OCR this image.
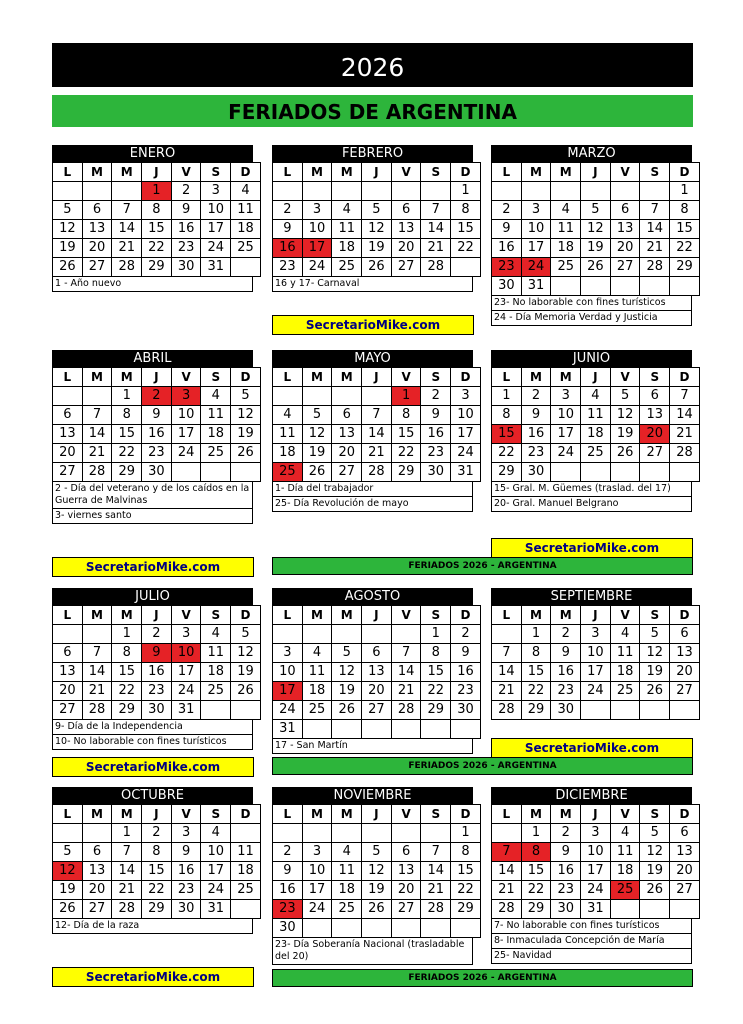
2026
FERIADOS DE ARGENTINA
ENERO
L	M	M	J	V	S	D
			1	2	3	4
5	6	7	8	9	10	11
12	13	14	15	16	17	18
19	20	21	22	23	24	25
26	27	28	29	30	31	
1 - Año nuevo
FEBRERO
L	M	M	J	V	S	D
						1
2	3	4	5	6	7	8
9	10	11	12	13	14	15
16	17	18	19	20	21	22
23	24	25	26	27	28	
16 y 17- Carnaval
MARZO
L	M	M	J	V	S	D
						1
2	3	4	5	6	7	8
9	10	11	12	13	14	15
16	17	18	19	20	21	22
23	24	25	26	27	28	29
30	31					
23- No laborable con fines turísticos
24 - Día Memoria Verdad y Justicia
ABRIL
L	M	M	J	V	S	D
		1	2	3	4	5
6	7	8	9	10	11	12
13	14	15	16	17	18	19
20	21	22	23	24	25	26
27	28	29	30			
2 - Día del veterano y de los caídos en la Guerra de Malvinas
3- viernes santo
MAYO
L	M	M	J	V	S	D
				1	2	3
4	5	6	7	8	9	10
11	12	13	14	15	16	17
18	19	20	21	22	23	24
25	26	27	28	29	30	31
1- Día del trabajador
25- Día Revolución de mayo
JUNIO
L	M	M	J	V	S	D
1	2	3	4	5	6	7
8	9	10	11	12	13	14
15	16	17	18	19	20	21
22	23	24	25	26	27	28
29	30					
15- Gral. M. Güemes (traslad. del 17)
20- Gral. Manuel Belgrano
JULIO
L	M	M	J	V	S	D
		1	2	3	4	5
6	7	8	9	10	11	12
13	14	15	16	17	18	19
20	21	22	23	24	25	26
27	28	29	30	31		
9- Día de la Independencia
10- No laborable con fines turísticos
AGOSTO
L	M	M	J	V	S	D
					1	2
3	4	5	6	7	8	9
10	11	12	13	14	15	16
17	18	19	20	21	22	23
24	25	26	27	28	29	30
31						
17 - San Martín
SEPTIEMBRE
L	M	M	J	V	S	D
	1	2	3	4	5	6
7	8	9	10	11	12	13
14	15	16	17	18	19	20
21	22	23	24	25	26	27
28	29	30				
OCTUBRE
L	M	M	J	V	S	D
		1	2	3	4	
5	6	7	8	9	10	11
12	13	14	15	16	17	18
19	20	21	22	23	24	25
26	27	28	29	30	31	
12- Día de la raza
NOVIEMBRE
L	M	M	J	V	S	D
						1
2	3	4	5	6	7	8
9	10	11	12	13	14	15
16	17	18	19	20	21	22
23	24	25	26	27	28	29
30						
23- Día Soberanía Nacional (trasladable del 20)
DICIEMBRE
L	M	M	J	V	S	D
	1	2	3	4	5	6
7	8	9	10	11	12	13
14	15	16	17	18	19	20
21	22	23	24	25	26	27
28	29	30	31			
7- No laborable con fines turísticos
8- Inmaculada Concepción de María
25- Navidad
SecretarioMike.com
SecretarioMike.com
SecretarioMike.com	FERIADOS 2026 - ARGENTINA
SecretarioMike.com
SecretarioMike.com	FERIADOS 2026 - ARGENTINA
SecretarioMike.com	FERIADOS 2026 - ARGENTINA
